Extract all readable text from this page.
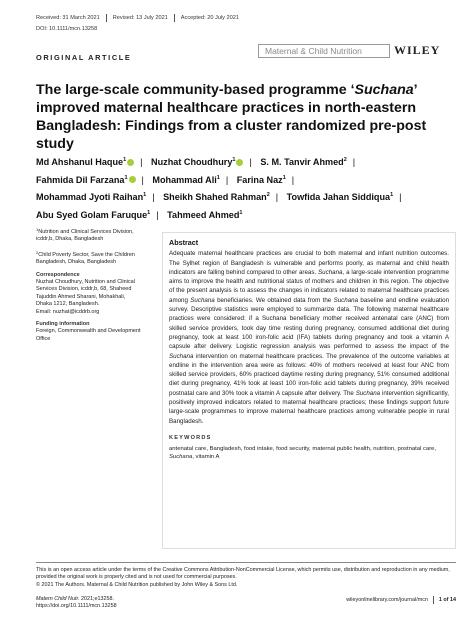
Received: 31 March 2021 Revised: 13 July 2021 Accepted: 20 July 2021
DOI: 10.1111/mcn.13258
Maternal & Child Nutrition	WILEY
ORIGINAL ARTICLE
The large-scale community-based programme ‘Suchana’ improved maternal healthcare practices in north-eastern Bangladesh: Findings from a cluster randomized pre-post study
Md Ahshanul Haque$^1$ | Nuzhat Choudhury$^1$ | S. M. Tanvir Ahmed$^2$ |
Fahmida Dil Farzana$^1$ | Mohammad Ali$^1$ | Farina Naz$^1$ |
Mohammad Jyoti Raihan$^1$ | Sheikh Shahed Rahman$^2$ | Towfida Jahan Siddiqua$^1$ |
Abu Syed Golam Faruque$^1$ | Tahmeed Ahmed$^1$
$^1$Nutrition and Clinical Services Division, icddr,b, Dhaka, Bangladesh
$^2$Child Poverty Sector, Save the Children Bangladesh, Dhaka, Bangladesh
Correspondence
Nuzhat Choudhury, Nutrition and Clinical Services Division, icddr,b, 68, Shaheed Tajuddin Ahmed Sharani, Mohakhali, Dhaka 1212, Bangladesh.
Email: nuzhat@icddrb.org
Funding information
Foreign, Commonwealth and Development Office
Abstract

Adequate maternal healthcare practices are crucial to both maternal and infant nutrition outcomes. The Sylhet region of Bangladesh is vulnerable and performs poorly, as maternal and child health indicators are falling behind compared to other areas. Suchana, a large-scale intervention programme aims to improve the health and nutritional status of mothers and children in this region. The objective of the present analysis is to assess the changes in indicators related to maternal healthcare practices among Suchana beneficiaries. We obtained data from the Suchana baseline and endline evaluation survey. Descriptive statistics were employed to summarize data. The following maternal healthcare practices were considered: if a Suchana beneficiary mother received antenatal care (ANC) from skilled service providers, took day time resting during pregnancy, consumed additional diet during pregnancy, took at least 100 iron-folic acid (IFA) tablets during pregnancy and took a vitamin A capsule after delivery. Logistic regression analysis was performed to assess the impact of the Suchana intervention on maternal healthcare practices. The prevalence of the outcome variables at endline in the intervention area were as follows: 40% of mothers received at least four ANC from skilled service providers, 60% practiced daytime resting during pregnancy, 51% consumed additional diet during pregnancy, 41% took at least 100 iron-folic acid tablets during pregnancy, 39% received postnatal care and 30% took a vitamin A capsule after delivery. The Suchana intervention significantly, positively improved indicators related to maternal healthcare practices; these findings support future large-scale programmes to improve maternal healthcare practices among vulnerable people in rural Bangladesh.

KEYWORDS
antenatal care, Bangladesh, food intake, food security, maternal public health, nutrition, postnatal care, Suchana, vitamin A
This is an open access article under the terms of the Creative Commons Attribution-NonCommercial License, which permits use, distribution and reproduction in any medium, provided the original work is properly cited and is not used for commercial purposes.
© 2021 The Authors. Maternal & Child Nutrition published by John Wiley & Sons Ltd.
Matern Child Nutr. 2021;e13258.
https://doi.org/10.1111/mcn.13258
wileyonlinelibrary.com/journal/mcn 1 of 14
